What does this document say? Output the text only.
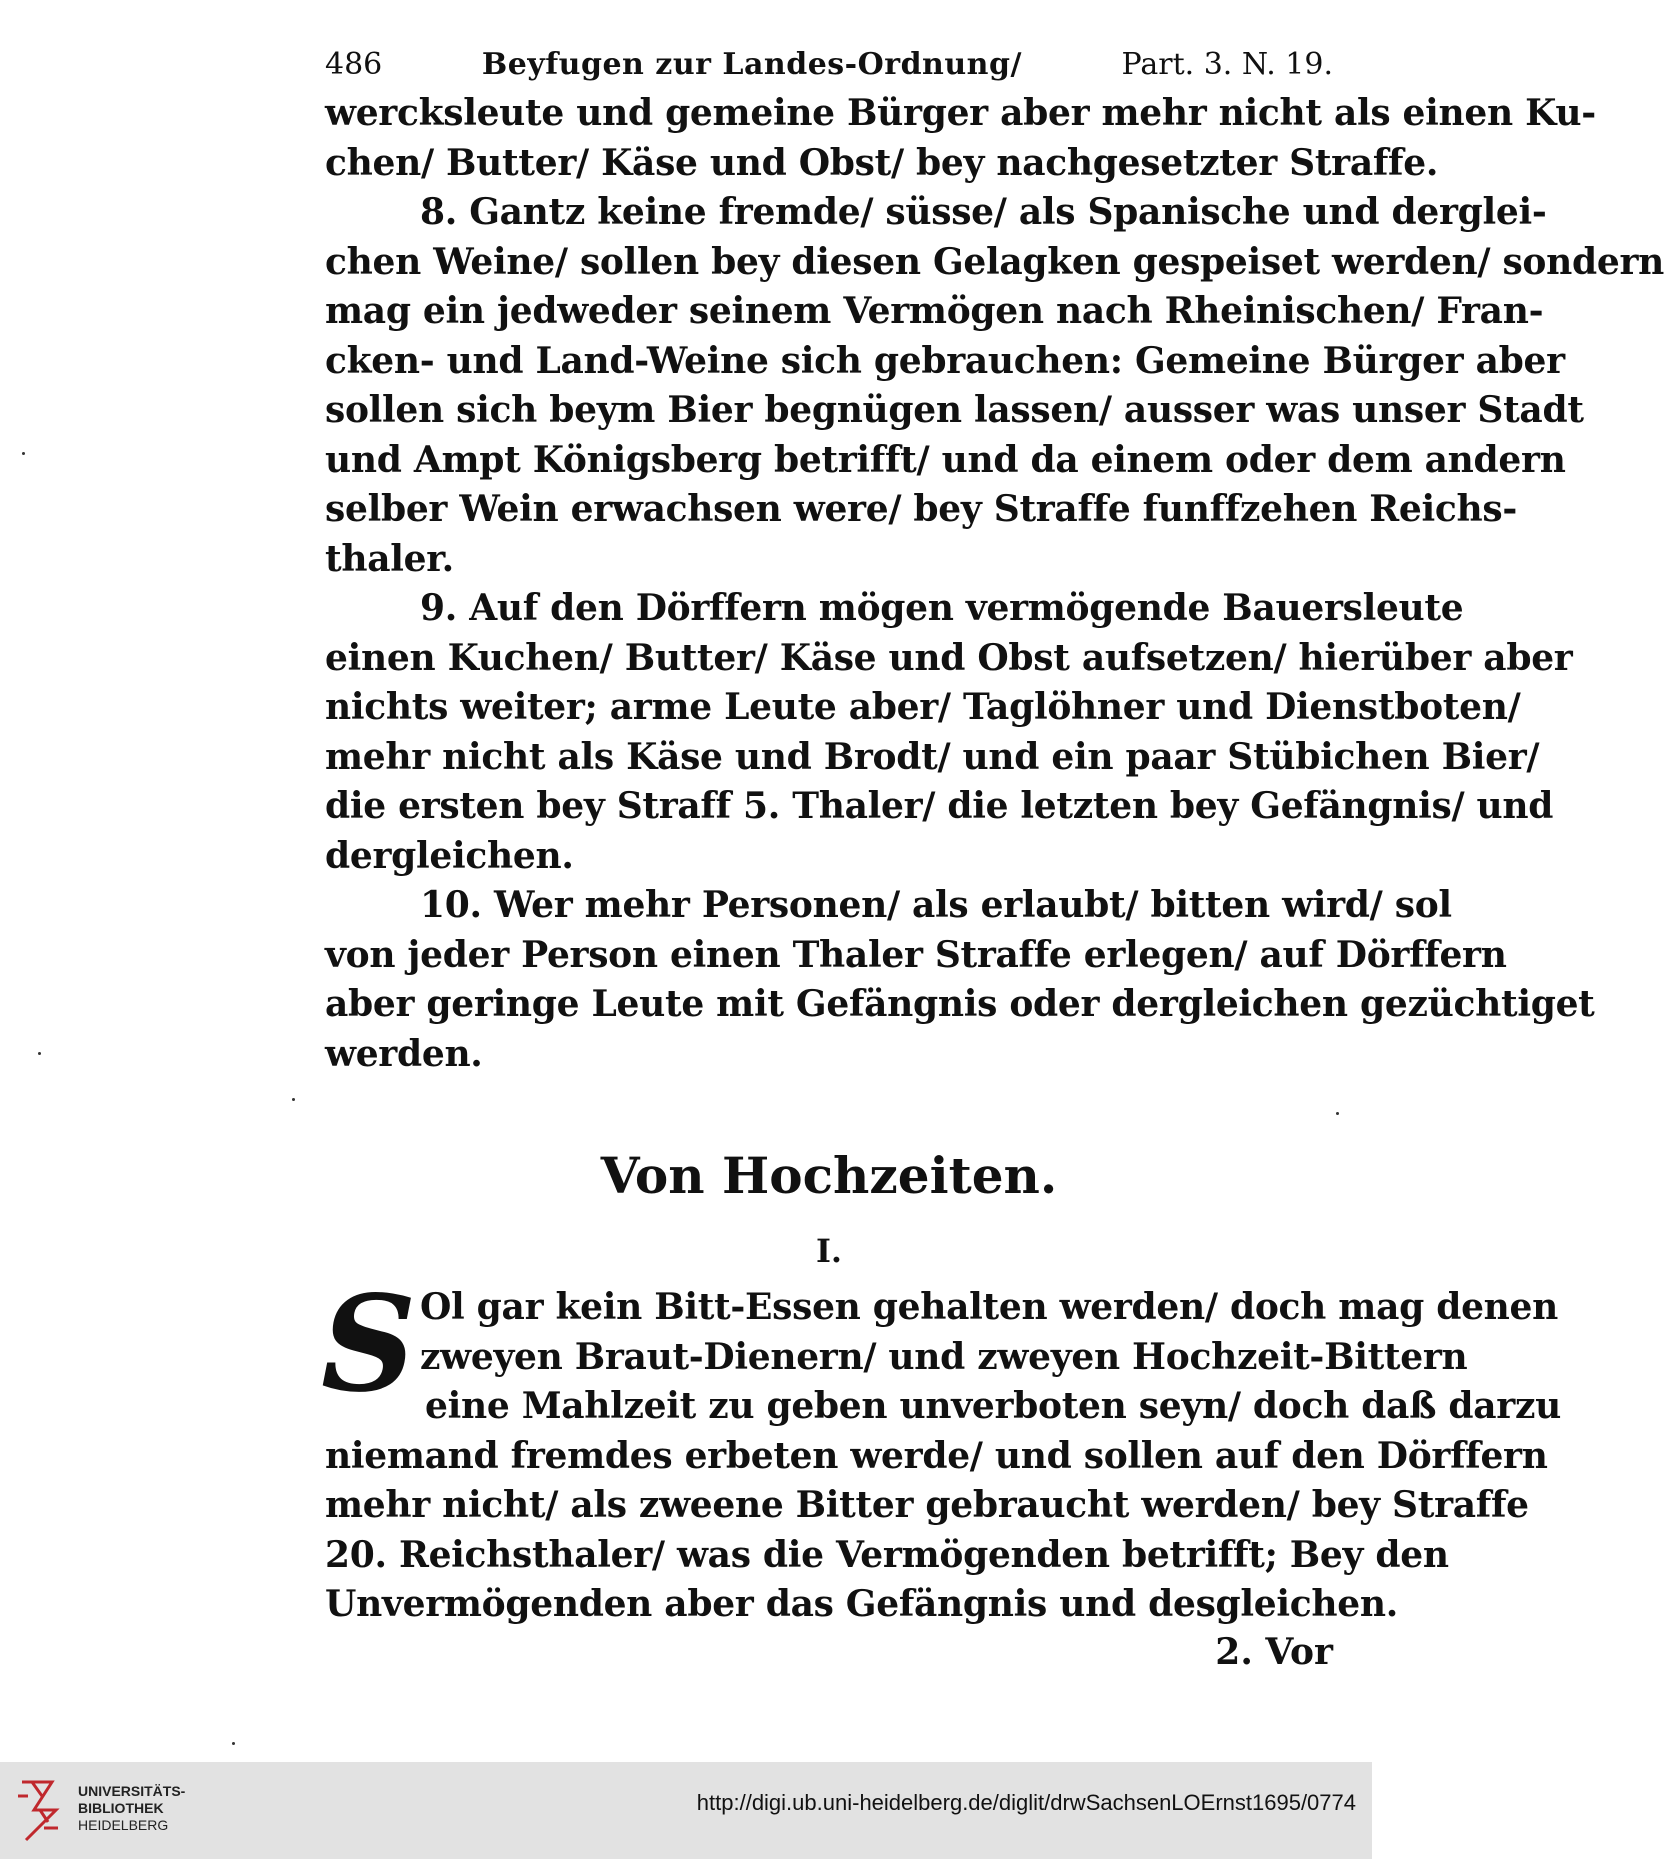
486	Beyfugen zur Landes-Ordnung/	Part. 3. N. 19.
wercksleute und gemeine Bürger aber mehr nicht als einen Ku-
chen/ Butter/ Käse und Obst/ bey nachgesetzter Straffe.
8. Gantz keine fremde/ süsse/ als Spanische und derglei-
chen Weine/ sollen bey diesen Gelagken gespeiset werden/ sondern
mag ein jedweder seinem Vermögen nach Rheinischen/ Fran-
cken- und Land-Weine sich gebrauchen: Gemeine Bürger aber
sollen sich beym Bier begnügen lassen/ ausser was unser Stadt
und Ampt Königsberg betrifft/ und da einem oder dem andern
selber Wein erwachsen were/ bey Straffe funffzehen Reichs-
thaler.
9. Auf den Dörffern mögen vermögende Bauersleute
einen Kuchen/ Butter/ Käse und Obst aufsetzen/ hierüber aber
nichts weiter; arme Leute aber/ Taglöhner und Dienstboten/
mehr nicht als Käse und Brodt/ und ein paar Stübichen Bier/
die ersten bey Straff 5. Thaler/ die letzten bey Gefängnis/ und
dergleichen.
10. Wer mehr Personen/ als erlaubt/ bitten wird/ sol
von jeder Person einen Thaler Straffe erlegen/ auf Dörffern
aber geringe Leute mit Gefängnis oder dergleichen gezüchtiget
werden.
Von Hochzeiten.
I.
S Ol gar kein Bitt-Essen gehalten werden/ doch mag denen
zweyen Braut-Dienern/ und zweyen Hochzeit-Bittern
eine Mahlzeit zu geben unverboten seyn/ doch daß darzu
niemand fremdes erbeten werde/ und sollen auf den Dörffern
mehr nicht/ als zweene Bitter gebraucht werden/ bey Straffe
20. Reichsthaler/ was die Vermögenden betrifft; Bey den
Unvermögenden aber das Gefängnis und desgleichen.
2. Vor
UNIVERSITÄTS-
BIBLIOTHEK
HEIDELBERG
http://digi.ub.uni-heidelberg.de/diglit/drwSachsenLOErnst1695/0774
